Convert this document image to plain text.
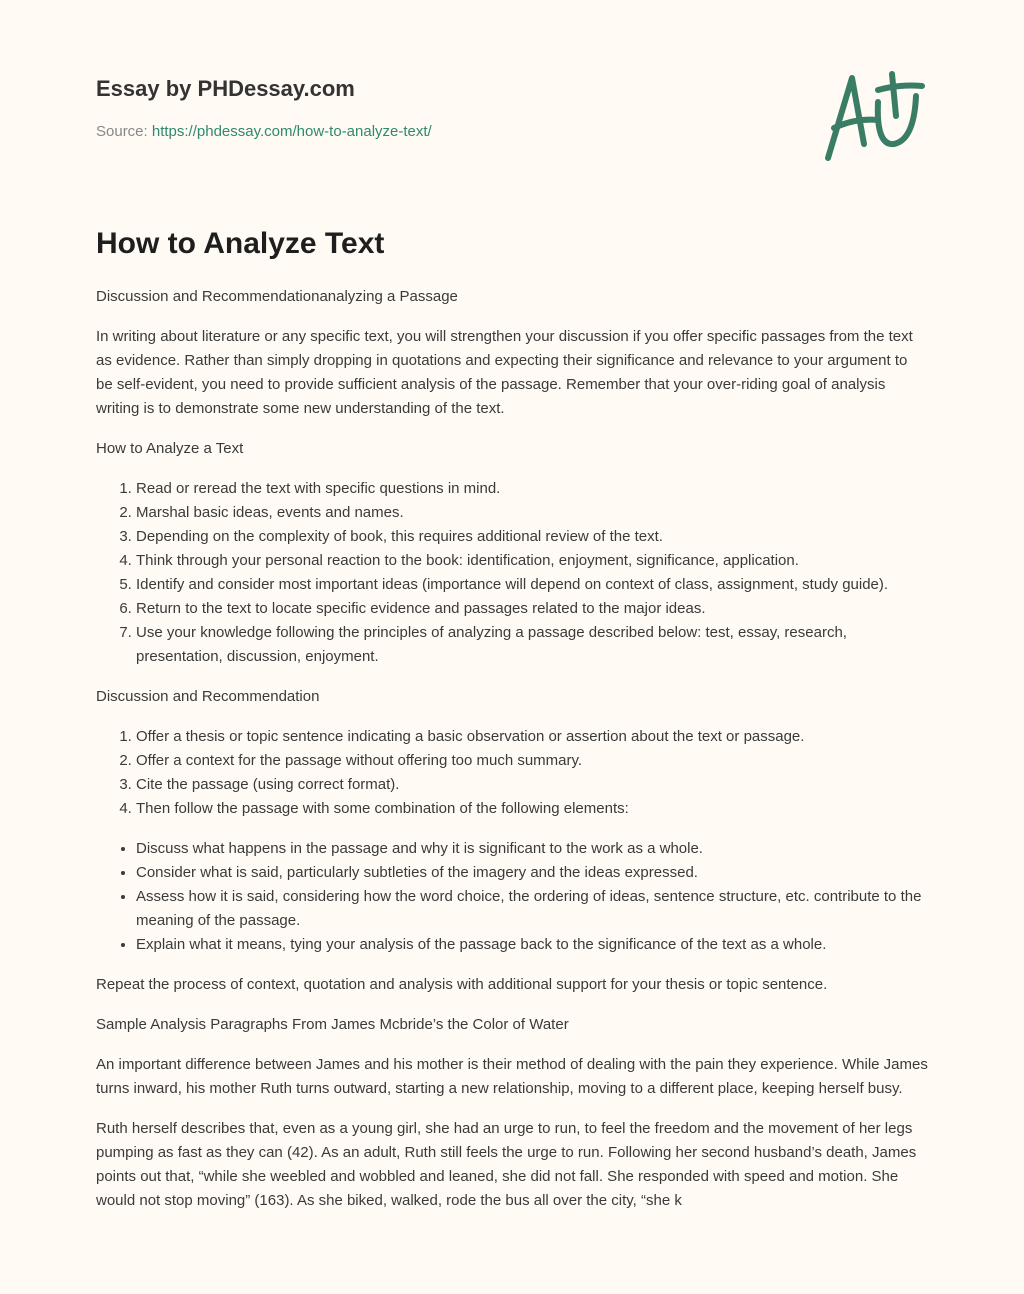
Essay by PHDessay.com
Source: https://phdessay.com/how-to-analyze-text/
How to Analyze Text

Discussion and Recommendationanalyzing a Passage

In writing about literature or any specific text, you will strengthen your discussion if you offer specific passages from the text as evidence. Rather than simply dropping in quotations and expecting their significance and relevance to your argument to be self-evident, you need to provide sufficient analysis of the passage. Remember that your over-riding goal of analysis writing is to demonstrate some new understanding of the text.

How to Analyze a Text

1. Read or reread the text with specific questions in mind.
2. Marshal basic ideas, events and names.
3. Depending on the complexity of book, this requires additional review of the text.
4. Think through your personal reaction to the book: identification, enjoyment, significance, application.
5. Identify and consider most important ideas (importance will depend on context of class, assignment, study guide).
6. Return to the text to locate specific evidence and passages related to the major ideas.
7. Use your knowledge following the principles of analyzing a passage described below: test, essay, research, presentation, discussion, enjoyment.

Discussion and Recommendation

1. Offer a thesis or topic sentence indicating a basic observation or assertion about the text or passage.
2. Offer a context for the passage without offering too much summary.
3. Cite the passage (using correct format).
4. Then follow the passage with some combination of the following elements:
• Discuss what happens in the passage and why it is significant to the work as a whole.
• Consider what is said, particularly subtleties of the imagery and the ideas expressed.
• Assess how it is said, considering how the word choice, the ordering of ideas, sentence structure, etc. contribute to the meaning of the passage.
• Explain what it means, tying your analysis of the passage back to the significance of the text as a whole.

Repeat the process of context, quotation and analysis with additional support for your thesis or topic sentence.

Sample Analysis Paragraphs From James Mcbride’s the Color of Water

An important difference between James and his mother is their method of dealing with the pain they experience. While James turns inward, his mother Ruth turns outward, starting a new relationship, moving to a different place, keeping herself busy.

Ruth herself describes that, even as a young girl, she had an urge to run, to feel the freedom and the movement of her legs pumping as fast as they can (42). As an adult, Ruth still feels the urge to run. Following her second husband’s death, James points out that, “while she weebled and wobbled and leaned, she did not fall. She responded with speed and motion. She would not stop moving” (163). As she biked, walked, rode the bus all over the city, “she k
